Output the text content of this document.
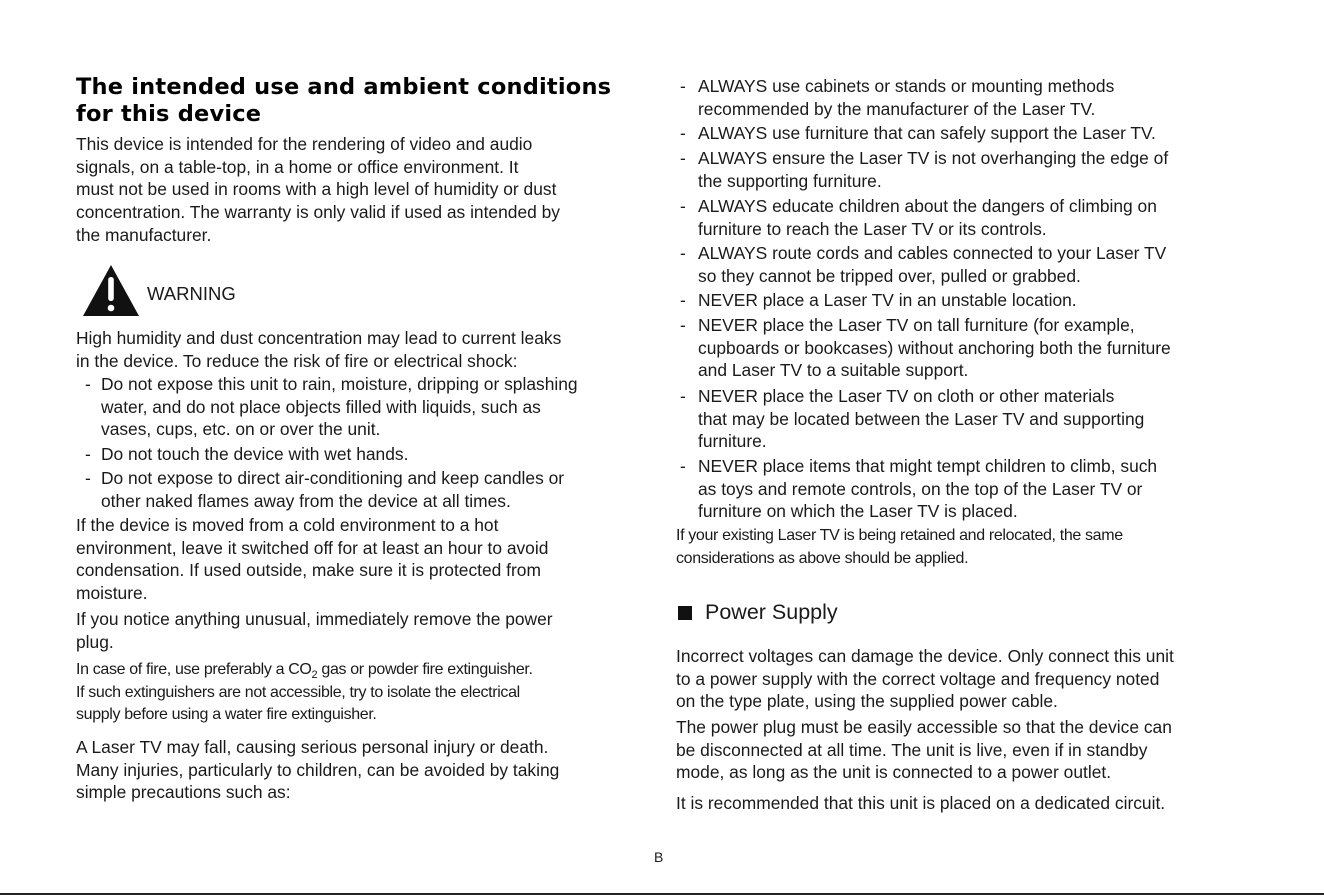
The intended use and ambient conditions
for this device

This device is intended for the rendering of video and audio
signals, on a table-top, in a home or office environment. It
must not be used in rooms with a high level of humidity or dust
concentration. The warranty is only valid if used as intended by
the manufacturer.

WARNING

High humidity and dust concentration may lead to current leaks
in the device. To reduce the risk of fire or electrical shock:

- Do not expose this unit to rain, moisture, dripping or splashing
water, and do not place objects filled with liquids, such as
vases, cups, etc. on or over the unit.
- Do not touch the device with wet hands.
- Do not expose to direct air-conditioning and keep candles or
other naked flames away from the device at all times.

If the device is moved from a cold environment to a hot
environment, leave it switched off for at least an hour to avoid
condensation. If used outside, make sure it is protected from
moisture.

If you notice anything unusual, immediately remove the power
plug.

In case of fire, use preferably a $CO_2$ gas or powder fire extinguisher.
If such extinguishers are not accessible, try to isolate the electrical
supply before using a water fire extinguisher.

A Laser TV may fall, causing serious personal injury or death.
Many injuries, particularly to children, can be avoided by taking
simple precautions such as:

- ALWAYS use cabinets or stands or mounting methods
recommended by the manufacturer of the Laser TV.
- ALWAYS use furniture that can safely support the Laser TV.
- ALWAYS ensure the Laser TV is not overhanging the edge of
the supporting furniture.
- ALWAYS educate children about the dangers of climbing on
furniture to reach the Laser TV or its controls.
- ALWAYS route cords and cables connected to your Laser TV
so they cannot be tripped over, pulled or grabbed.
- NEVER place a Laser TV in an unstable location.
- NEVER place the Laser TV on tall furniture (for example,
cupboards or bookcases) without anchoring both the furniture
and Laser TV to a suitable support.
- NEVER place the Laser TV on cloth or other materials
that may be located between the Laser TV and supporting
furniture.
- NEVER place items that might tempt children to climb, such
as toys and remote controls, on the top of the Laser TV or
furniture on which the Laser TV is placed.

If your existing Laser TV is being retained and relocated, the same
considerations as above should be applied.

Power Supply

Incorrect voltages can damage the device. Only connect this unit
to a power supply with the correct voltage and frequency noted
on the type plate, using the supplied power cable.

The power plug must be easily accessible so that the device can
be disconnected at all time. The unit is live, even if in standby
mode, as long as the unit is connected to a power outlet.

It is recommended that this unit is placed on a dedicated circuit.

B
